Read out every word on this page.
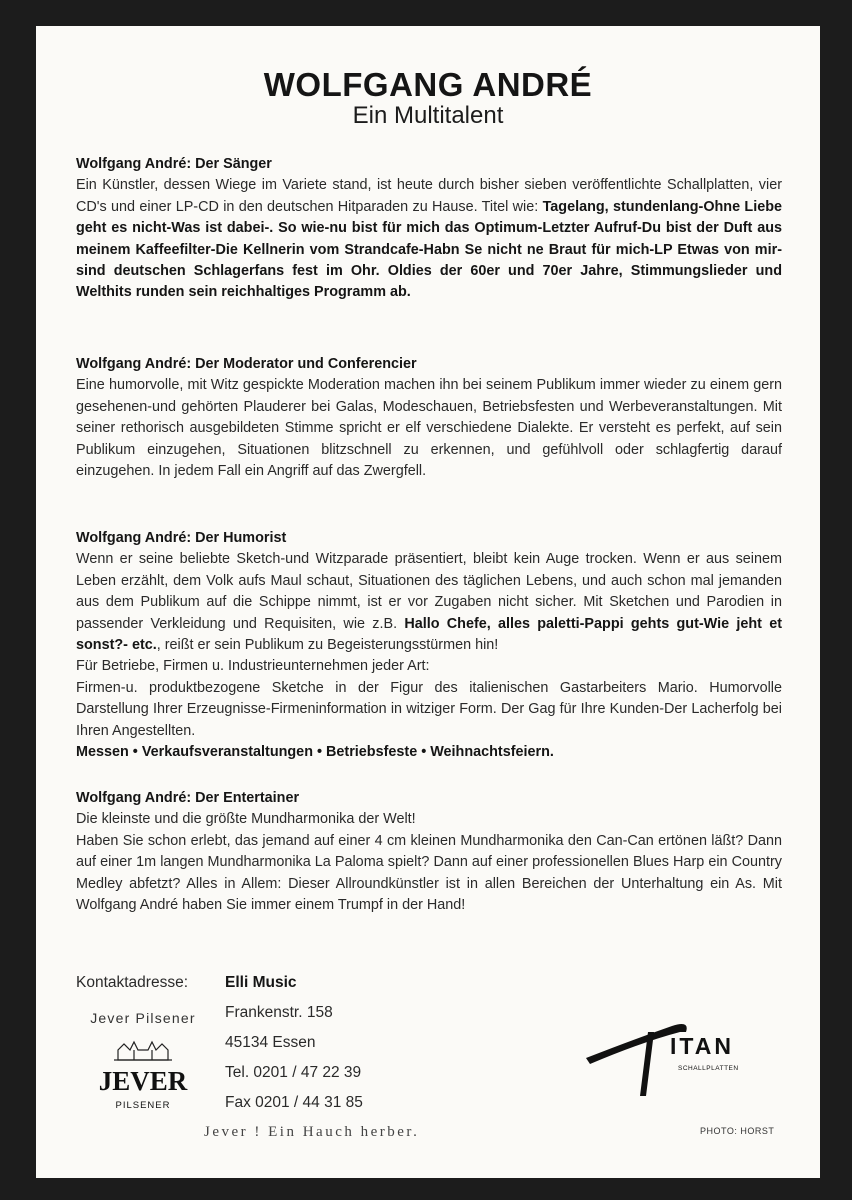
WOLFGANG ANDRÉ
Ein Multitalent
Wolfgang André: Der Sänger

Ein Künstler, dessen Wiege im Variete stand, ist heute durch bisher sieben veröffentlichte Schallplatten, vier CD's und einer LP-CD in den deutschen Hitparaden zu Hause. Titel wie: Tagelang, stundenlang-Ohne Liebe geht es nicht-Was ist dabei-. So wie-nu bist für mich das Optimum-Letzter Aufruf-Du bist der Duft aus meinem Kaffeefilter-Die Kellnerin vom Strandcafe-Habn Se nicht ne Braut für mich-LP Etwas von mir- sind deutschen Schlagerfans fest im Ohr. Oldies der 60er und 70er Jahre, Stimmungslieder und Welthits runden sein reichhaltiges Programm ab.

Wolfgang André: Der Moderator und Conferencier

Eine humorvolle, mit Witz gespickte Moderation machen ihn bei seinem Publikum immer wieder zu einem gern gesehenen-und gehörten Plauderer bei Galas, Modeschauen, Betriebsfesten und Werbeveranstaltungen. Mit seiner rethorisch ausgebildeten Stimme spricht er elf verschiedene Dialekte. Er versteht es perfekt, auf sein Publikum einzugehen, Situationen blitzschnell zu erkennen, und gefühlvoll oder schlagfertig darauf einzugehen. In jedem Fall ein Angriff auf das Zwergfell.

Wolfgang André: Der Humorist

Wenn er seine beliebte Sketch-und Witzparade präsentiert, bleibt kein Auge trocken. Wenn er aus seinem Leben erzählt, dem Volk aufs Maul schaut, Situationen des täglichen Lebens, und auch schon mal jemanden aus dem Publikum auf die Schippe nimmt, ist er vor Zugaben nicht sicher. Mit Sketchen und Parodien in passender Verkleidung und Requisiten, wie z.B. Hallo Chefe, alles paletti-Pappi gehts gut-Wie jeht et sonst?- etc., reißt er sein Publikum zu Begeisterungsstürmen hin!

Für Betriebe, Firmen u. Industrieunternehmen jeder Art:

Firmen-u. produktbezogene Sketche in der Figur des italienischen Gastarbeiters Mario. Humorvolle Darstellung Ihrer Erzeugnisse-Firmeninformation in witziger Form. Der Gag für Ihre Kunden-Der Lacherfolg bei Ihren Angestellten.

Messen • Verkaufsveranstaltungen • Betriebsfeste • Weihnachtsfeiern.

Wolfgang André: Der Entertainer

Die kleinste und die größte Mundharmonika der Welt!

Haben Sie schon erlebt, das jemand auf einer 4 cm kleinen Mundharmonika den Can-Can ertönen läßt? Dann auf einer 1m langen Mundharmonika La Paloma spielt? Dann auf einer professionellen Blues Harp ein Country Medley abfetzt? Alles in Allem: Dieser Allroundkünstler ist in allen Bereichen der Unterhaltung ein As. Mit Wolfgang André haben Sie immer einem Trumpf in der Hand!

Kontaktadresse: Elli Music
Frankenstr. 158
45134 Essen
Tel. 0201 / 47 22 39
Fax 0201 / 44 31 85
Jever Pilsener
JEVER
PILSENER
Jever ! Ein Hauch herber.
ITAN
SCHALLPLATTEN
PHOTO: HORST
